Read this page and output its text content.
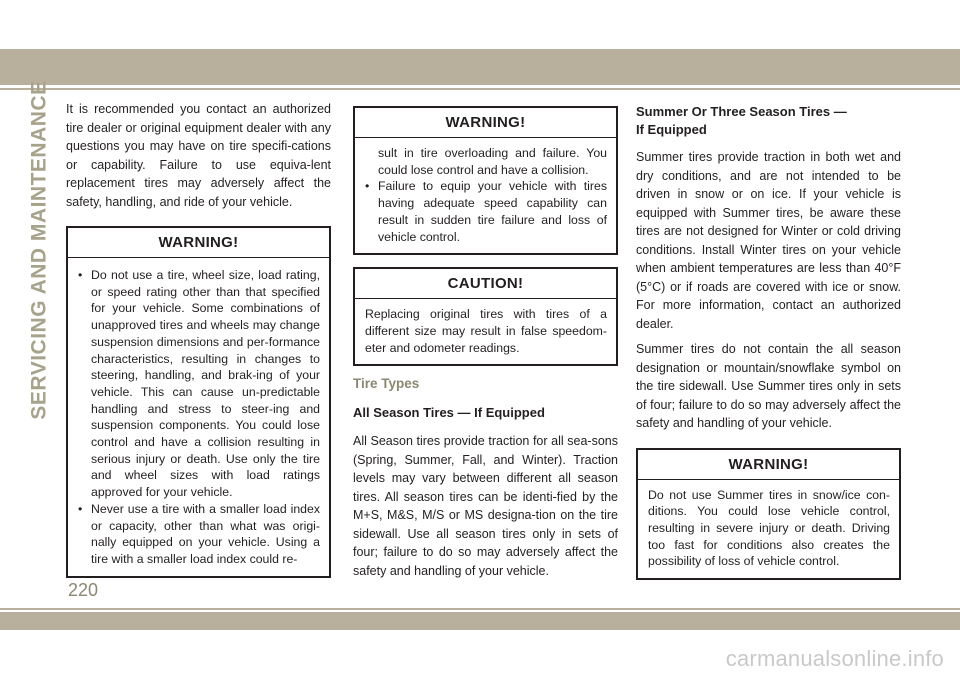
SERVICING AND MAINTENANCE It is recommended you contact an authorized tire dealer or original equipment dealer with any questions you may have on tire specifi-cations or capability. Failure to use equiva-lent replacement tires may adversely affect the safety, handling, and ride of your vehicle.

WARNING!
• Do not use a tire, wheel size, load rating, or speed rating other than that specified for your vehicle. Some combinations of unapproved tires and wheels may change suspension dimensions and per-formance characteristics, resulting in changes to steering, handling, and brak-ing of your vehicle. This can cause un-predictable handling and stress to steer-ing and suspension components. You could lose control and have a collision resulting in serious injury or death. Use only the tire and wheel sizes with load ratings approved for your vehicle.
• Never use a tire with a smaller load index or capacity, other than what was origi-nally equipped on your vehicle. Using a tire with a smaller load index could re-
WARNING!
sult in tire overloading and failure. You could lose control and have a collision.
• Failure to equip your vehicle with tires having adequate speed capability can result in sudden tire failure and loss of vehicle control.
CAUTION!
Replacing original tires with tires of a different size may result in false speedom-eter and odometer readings.
Tire Types
All Season Tires — If Equipped

All Season tires provide traction for all sea-sons (Spring, Summer, Fall, and Winter). Traction levels may vary between different all season tires. All season tires can be identi-fied by the M+S, M&S, M/S or MS designa-tion on the tire sidewall. Use all season tires only in sets of four; failure to do so may adversely affect the safety and handling of your vehicle.

Summer Or Three Season Tires —
If Equipped

Summer tires provide traction in both wet and dry conditions, and are not intended to be driven in snow or on ice. If your vehicle is equipped with Summer tires, be aware these tires are not designed for Winter or cold driving conditions. Install Winter tires on your vehicle when ambient temperatures are less than 40°F (5°C) or if roads are covered with ice or snow. For more information, contact an authorized dealer.

Summer tires do not contain the all season designation or mountain/snowflake symbol on the tire sidewall. Use Summer tires only in sets of four; failure to do so may adversely affect the safety and handling of your vehicle.

WARNING!
Do not use Summer tires in snow/ice con-ditions. You could lose vehicle control, resulting in severe injury or death. Driving too fast for conditions also creates the possibility of loss of vehicle control.
220
carmanualsonline.info
